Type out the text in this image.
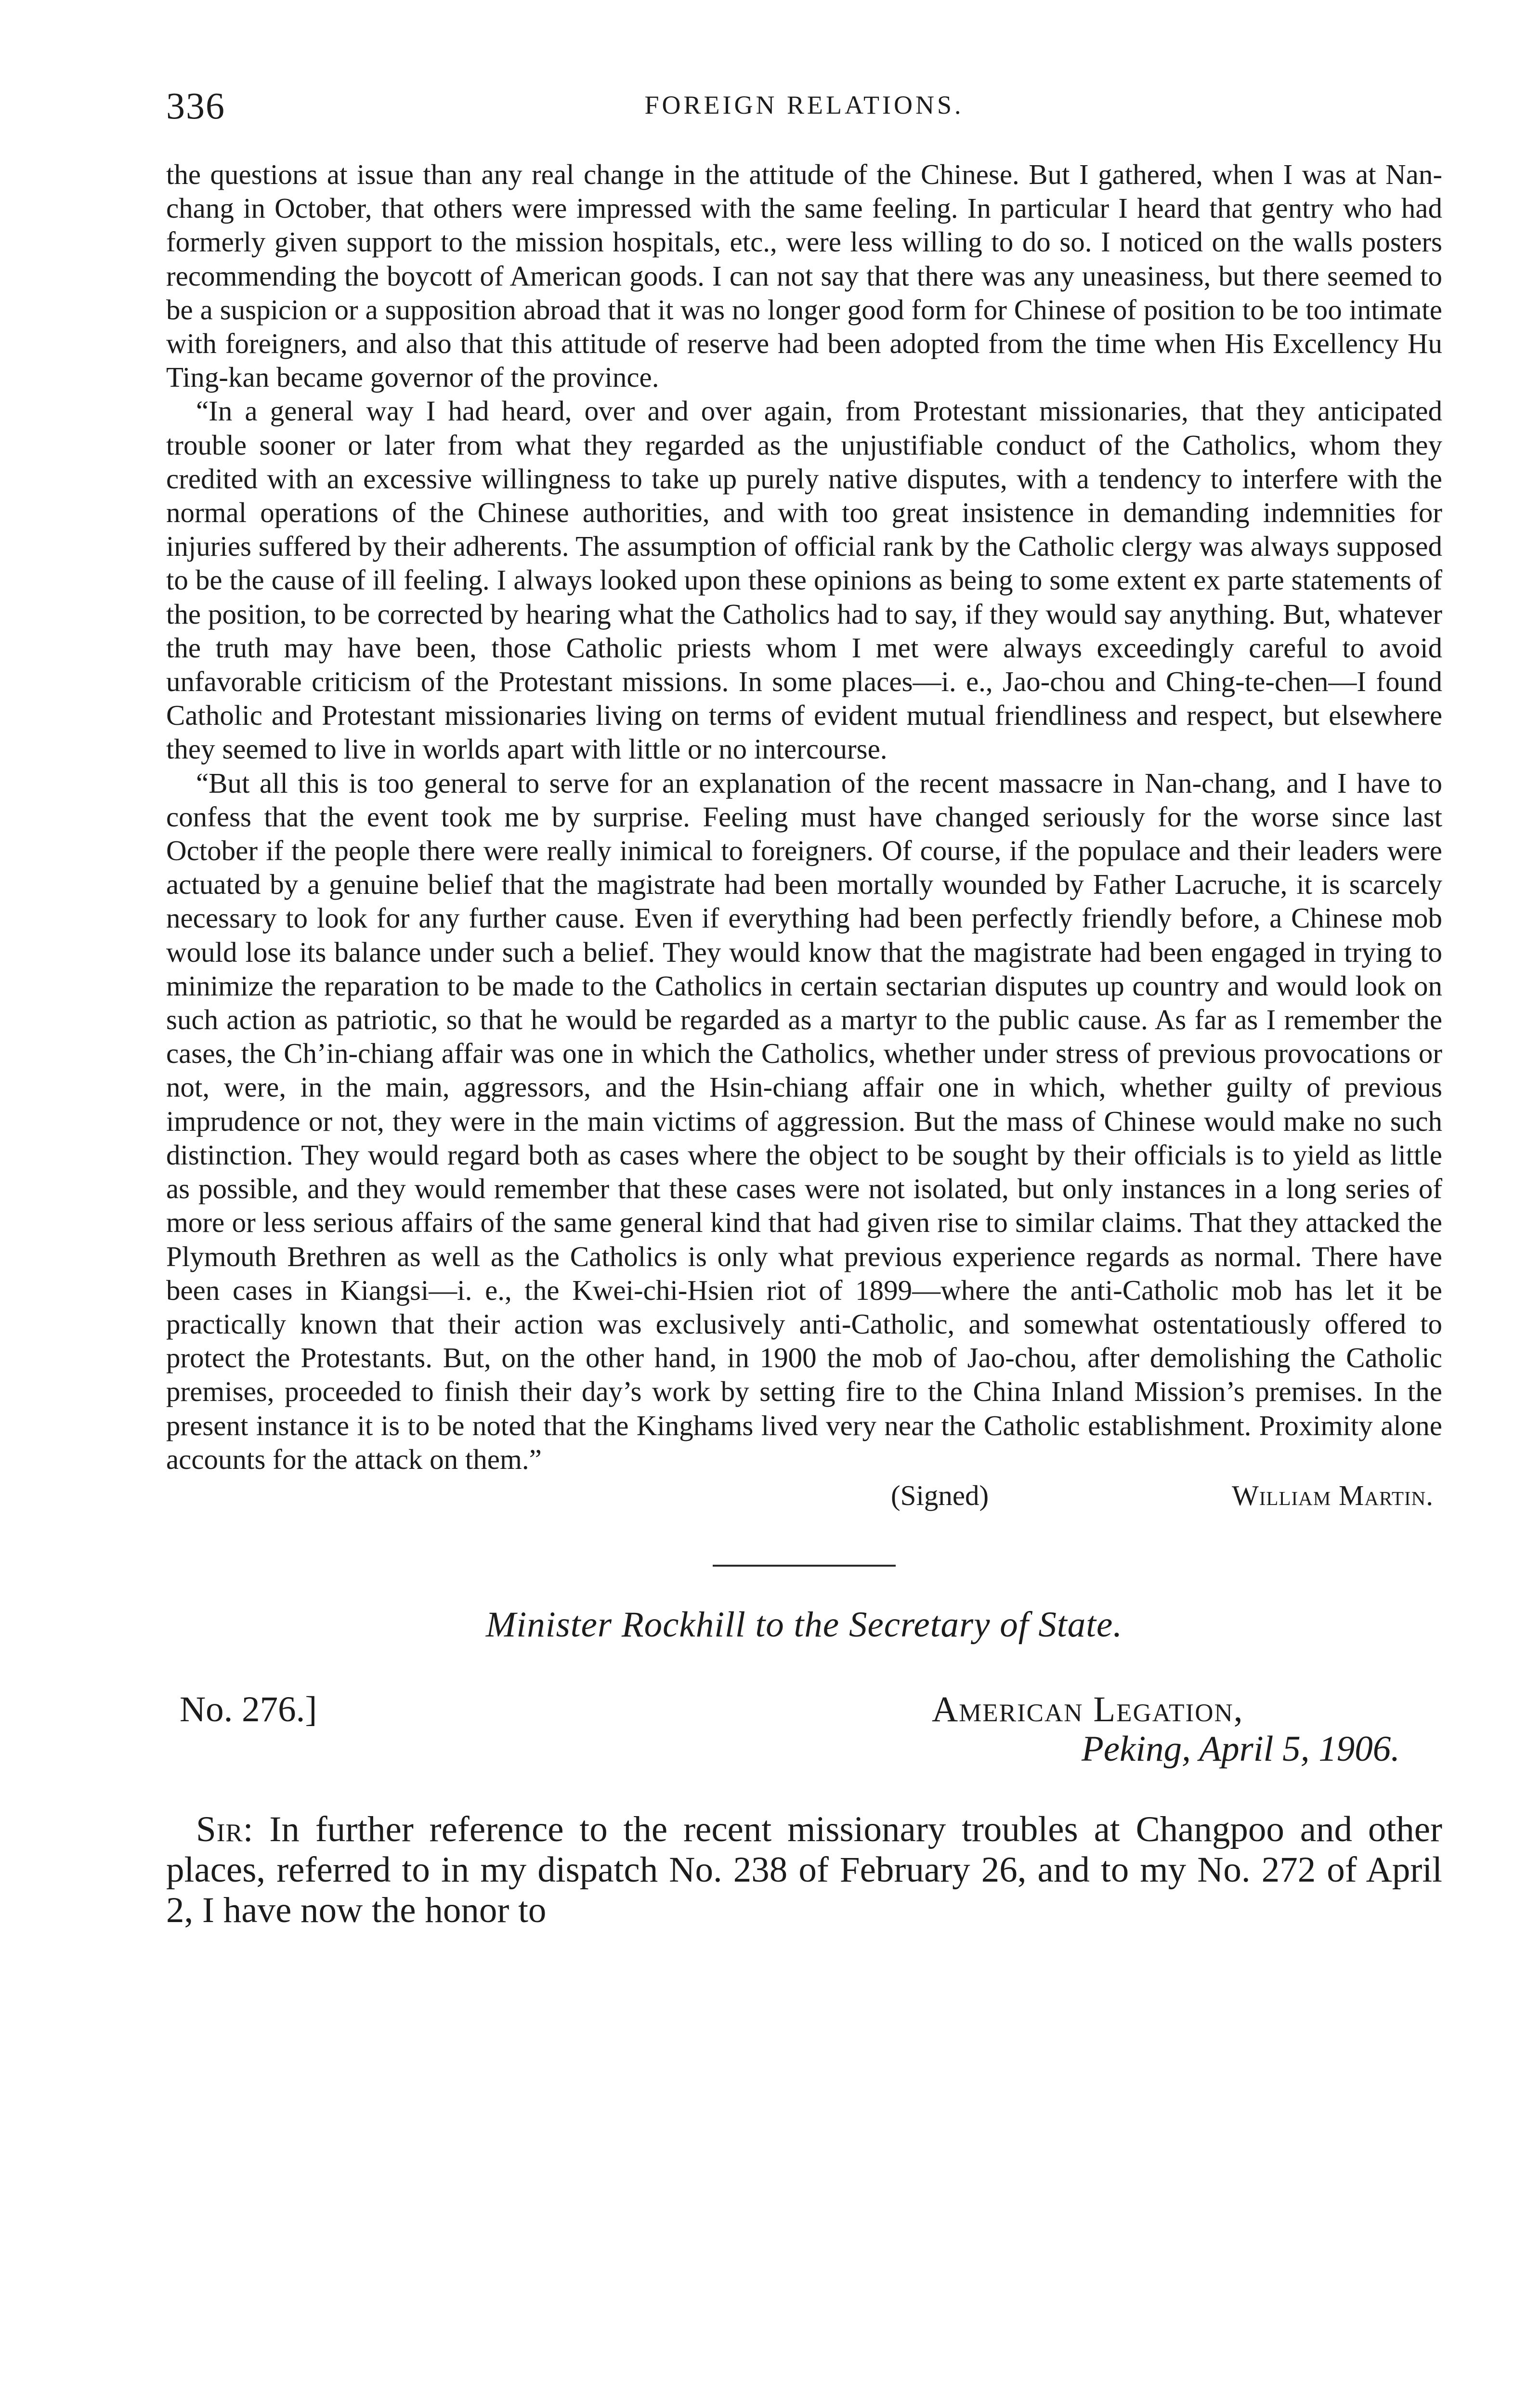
336	FOREIGN RELATIONS.

the questions at issue than any real change in the attitude of the Chinese. But I gathered, when I was at Nan-chang in October, that others were impressed with the same feeling. In particular I heard that gentry who had formerly given support to the mission hospitals, etc., were less willing to do so. I noticed on the walls posters recommending the boycott of American goods. I can not say that there was any uneasiness, but there seemed to be a suspicion or a supposition abroad that it was no longer good form for Chinese of position to be too intimate with foreigners, and also that this attitude of reserve had been adopted from the time when His Excellency Hu Ting-kan became governor of the province.

“In a general way I had heard, over and over again, from Protestant missionaries, that they anticipated trouble sooner or later from what they regarded as the unjustifiable conduct of the Catholics, whom they credited with an excessive willingness to take up purely native disputes, with a tendency to interfere with the normal operations of the Chinese authorities, and with too great insistence in demanding indemnities for injuries suffered by their adherents. The assumption of official rank by the Catholic clergy was always supposed to be the cause of ill feeling. I always looked upon these opinions as being to some extent ex parte statements of the position, to be corrected by hearing what the Catholics had to say, if they would say anything. But, whatever the truth may have been, those Catholic priests whom I met were always exceedingly careful to avoid unfavorable criticism of the Protestant missions. In some places—i. e., Jao-chou and Ching-te-chen—I found Catholic and Protestant missionaries living on terms of evident mutual friendliness and respect, but elsewhere they seemed to live in worlds apart with little or no intercourse.

“But all this is too general to serve for an explanation of the recent massacre in Nan-chang, and I have to confess that the event took me by surprise. Feeling must have changed seriously for the worse since last October if the people there were really inimical to foreigners. Of course, if the populace and their leaders were actuated by a genuine belief that the magistrate had been mortally wounded by Father Lacruche, it is scarcely necessary to look for any further cause. Even if everything had been perfectly friendly before, a Chinese mob would lose its balance under such a belief. They would know that the magistrate had been engaged in trying to minimize the reparation to be made to the Catholics in certain sectarian disputes up country and would look on such action as patriotic, so that he would be regarded as a martyr to the public cause. As far as I remember the cases, the Ch’in-chiang affair was one in which the Catholics, whether under stress of previous provocations or not, were, in the main, aggressors, and the Hsin-chiang affair one in which, whether guilty of previous imprudence or not, they were in the main victims of aggression. But the mass of Chinese would make no such distinction. They would regard both as cases where the object to be sought by their officials is to yield as little as possible, and they would remember that these cases were not isolated, but only instances in a long series of more or less serious affairs of the same general kind that had given rise to similar claims. That they attacked the Plymouth Brethren as well as the Catholics is only what previous experience regards as normal. There have been cases in Kiangsi—i. e., the Kwei-chi-Hsien riot of 1899—where the anti-Catholic mob has let it be practically known that their action was exclusively anti-Catholic, and somewhat ostentatiously offered to protect the Protestants. But, on the other hand, in 1900 the mob of Jao-chou, after demolishing the Catholic premises, proceeded to finish their day’s work by setting fire to the China Inland Mission’s premises. In the present instance it is to be noted that the Kinghams lived very near the Catholic establishment. Proximity alone accounts for the attack on them.”

(Signed)	William Martin.
Minister Rockhill to the Secretary of State.
No. 276.]	American Legation,
Peking, April 5, 1906.

Sir: In further reference to the recent missionary troubles at Changpoo and other places, referred to in my dispatch No. 238 of February 26, and to my No. 272 of April 2, I have now the honor to
